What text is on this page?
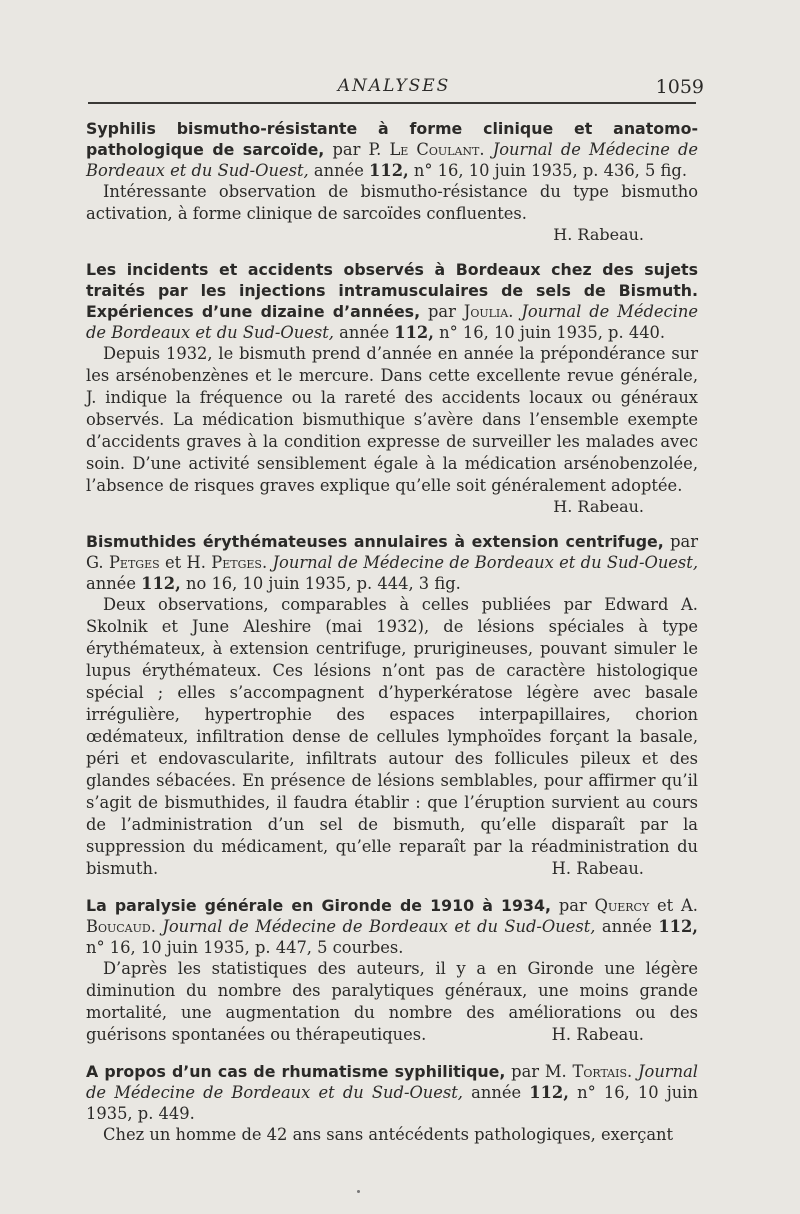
ANALYSES	1059

Syphilis bismutho-résistante à forme clinique et anatomo-pathologique de sarcoïde, par P. Le Coulant. Journal de Médecine de Bordeaux et du Sud-Ouest, année 112, n° 16, 10 juin 1935, p. 436, 5 fig.

Intéressante observation de bismutho-résistance du type bismutho activation, à forme clinique de sarcoïdes confluentes.

H. Rabeau.

Les incidents et accidents observés à Bordeaux chez des sujets traités par les injections intramusculaires de sels de Bismuth. Expériences d’une dizaine d’années, par Joulia. Journal de Médecine de Bordeaux et du Sud-Ouest, année 112, n° 16, 10 juin 1935, p. 440.

Depuis 1932, le bismuth prend d’année en année la prépondérance sur les arsénobenzènes et le mercure. Dans cette excellente revue générale, J. indique la fréquence ou la rareté des accidents locaux ou généraux observés. La médication bismuthique s’avère dans l’ensemble exempte d’accidents graves à la condition expresse de surveiller les malades avec soin. D’une activité sensiblement égale à la médication arsénobenzolée, l’absence de risques graves explique qu’elle soit généralement adoptée.

H. Rabeau.

Bismuthides érythémateuses annulaires à extension centrifuge, par G. Petges et H. Petges. Journal de Médecine de Bordeaux et du Sud-Ouest, année 112, no 16, 10 juin 1935, p. 444, 3 fig.

Deux observations, comparables à celles publiées par Edward A. Skolnik et June Aleshire (mai 1932), de lésions spéciales à type érythémateux, à extension centrifuge, prurigineuses, pouvant simuler le lupus érythémateux. Ces lésions n’ont pas de caractère histologique spécial ; elles s’accompagnent d’hyperkératose légère avec basale irrégulière, hypertrophie des espaces interpapillaires, chorion œdémateux, infiltration dense de cellules lymphoïdes forçant la basale, péri et endovascularite, infiltrats autour des follicules pileux et des glandes sébacées. En présence de lésions semblables, pour affirmer qu’il s’agit de bismuthides, il faudra établir : que l’éruption survient au cours de l’administration d’un sel de bismuth, qu’elle disparaît par la suppression du médicament, qu’elle reparaît par la réadministration du bismuth.	H. Rabeau.

La paralysie générale en Gironde de 1910 à 1934, par Quercy et A. Boucaud. Journal de Médecine de Bordeaux et du Sud-Ouest, année 112, n° 16, 10 juin 1935, p. 447, 5 courbes.

D’après les statistiques des auteurs, il y a en Gironde une légère diminution du nombre des paralytiques généraux, une moins grande mortalité, une augmentation du nombre des améliorations ou des guérisons spontanées ou thérapeutiques.	H. Rabeau.

A propos d’un cas de rhumatisme syphilitique, par M. Tortais. Journal de Médecine de Bordeaux et du Sud-Ouest, année 112, n° 16, 10 juin 1935, p. 449.

Chez un homme de 42 ans sans antécédents pathologiques, exerçant
